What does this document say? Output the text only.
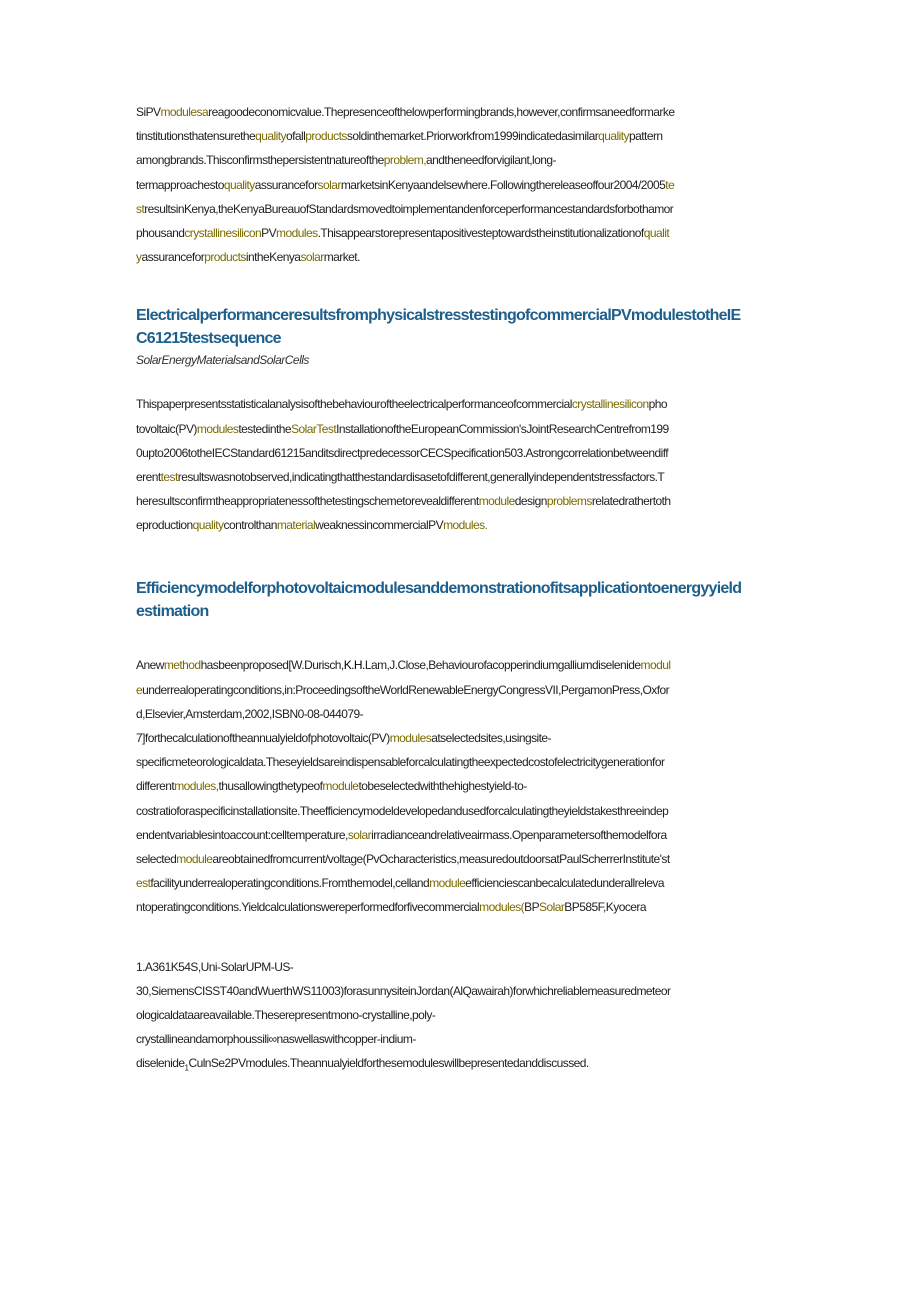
SiPVmodulesareagoodeconomicvalue.Thepresenceofthelowperformingbrands,however,confirmsaneedformarke
tinstitutionsthatensurethequalityofallproductssoldinthemarket.Priorworkfrom1999indicatedasimilarqualitypattern
amongbrands.Thisconfirmsthepersistentnatureoftheproblem,andtheneedforvigilant,long-
termapproachestoqualityassuranceforsolarmarketsinKenyaandelsewhere.Followingthereleaseoffour2004/2005te
stresultsinKenya,theKenyaBureauofStandardsmovedtoimplementandenforceperformancestandardsforbothamor
phousandcrystallinesiliconPVmodules.Thisappearstorepresentapositivesteptowardstheinstitutionalizationofqualit
yassuranceforproductsintheKenyasolarmarket.
ElectricalperformanceresultsfromphysicalstresstestingofcommercialPVmodulestotheIE
C61215testsequence
SolarEnergyMaterialsandSolarCells
Thispaperpresentsstatisticalanalysisofthebehaviouroftheelectricalperformanceofcommercialcrystallinesiliconpho
tovoltaic(PV)modulestestedintheSolarTestInstallationoftheEuropeanCommission'sJointResearchCentrefrom199
0upto2006totheIECStandard61215anditsdirectpredecessorCECSpecification503.Astrongcorrelationbetweendiff
erenttestresultswasnotobserved,indicatingthatthestandardisasetofdifferent,generallyindependentstressfactors.T
heresultsconfirmtheappropriatenessofthetestingschemetorevealdifferentmoduledesignproblemsrelatedrathertoth
eproductionqualitycontrolthanmaterialweaknessincommercialPVmodules.
Efficiencymodelforphotovoltaicmodulesanddemonstrationofitsapplicationtoenergyyield
estimation
Anewmethodhasbeenproposed[W.Durisch,K.H.Lam,J.Close,Behaviourofacopperindiumgalliumdiselenidemodul
eunderrealoperatingconditions,in:ProceedingsoftheWorldRenewableEnergyCongressVII,PergamonPress,Oxfor
d,Elsevier,Amsterdam,2002,ISBN0-08-044079-
7]forthecalculationoftheannualyieldofphotovoltaic(PV)modulesatselectedsites,usingsite-
specificmeteorologicaldata.Theseyieldsareindispensableforcalculatingtheexpectedcostofelectricitygenerationfor
differentmodules,thusallowingthetypeofmoduletobeselectedwiththehighestyield-to-
costratioforaspecificinstallationsite.Theefficiencymodeldevelopedandusedforcalculatingtheyieldstakesthreeindep
endentvariablesintoaccount:celltemperature,solarirradianceandrelativeairmass.Openparametersofthemodelfora
selectedmoduleareobtainedfromcurrent/voltage(PvOcharacteristics,measuredoutdoorsatPaulScherrerInstitute'st
estfacilityunderrealoperatingconditions.Fromthemodel,cellandmoduleefficienciescanbecalculatedunderallreleva
ntoperatingconditions.Yieldcalculationswereperformedforfivecommercialmodules(BPSolarBP585F,Kyocera
1.A361K54S,Uni-SolarUPM-US-
30,SiemensCISST40andWuerthWS11003)forasunnysiteinJordan(AlQawairah)forwhichreliablemeasuredmeteor
ologicaldataareavailable.Theserepresentmono-crystalline,poly-
crystallineandamorphoussili∞naswellaswithcopper-indium-
diselenide$_1$CulnSe2PVmodules.Theannualyieldforthesemoduleswillbepresentedanddiscussed.
